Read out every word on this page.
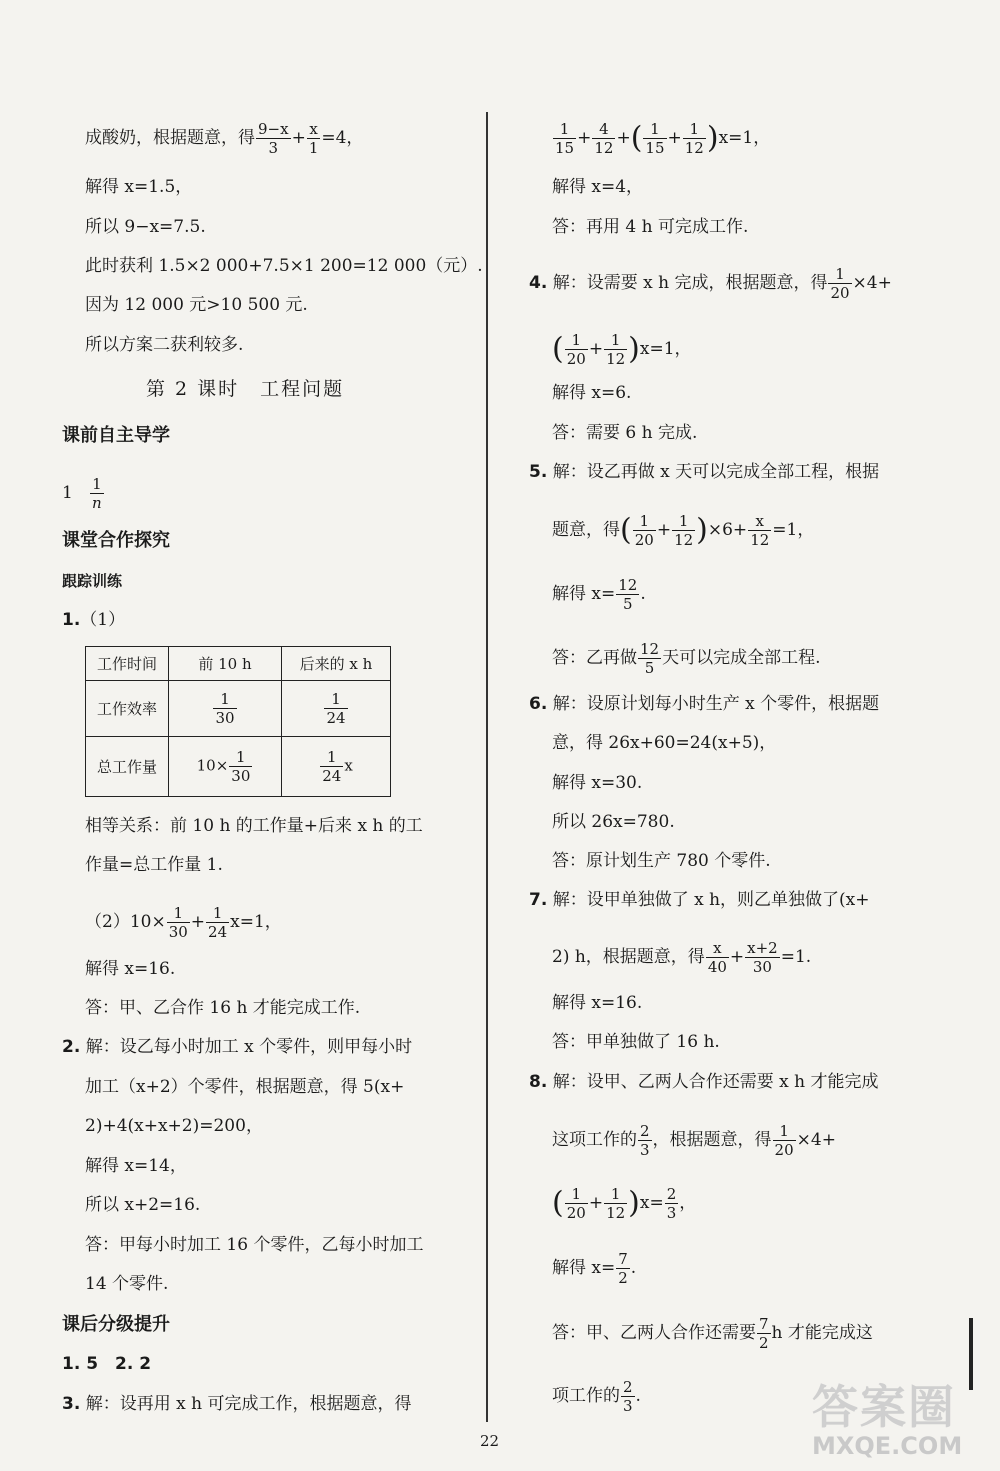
成酸奶，根据题意，得 $\frac{9-x}{3} + \frac{x}{1} =4$，
解得 x=1.5，
所以 9−x=7.5.
此时获利 1.5×2 000+7.5×1 200=12 000（元）.
因为 12 000 元>10 500 元.
所以方案二获利较多.
第 2 课时　工程问题
课前自主导学
$1 \frac{1}{n}$
课堂合作探究
跟踪训练
1.（1）
工作时间	前 10 h	后来的 x h
工作效率	$\frac{1}{30}$	$\frac{1}{24}$

总工作量	$10\times \frac{1}{30}$	$\frac{1}{24}$ x
相等关系：前 10 h 的工作量+后来 x h 的工
作量=总工作量 1.
$(2)10\times \frac{1}{30} + \frac{1}{24} x=1$，
解得 x=16.
答：甲、乙合作 16 h 才能完成工作.
2. 解：设乙每小时加工 x 个零件，则甲每小时
加工（x+2）个零件，根据题意，得 5(x+
2)+4(x+x+2)=200，
解得 x=14，
所以 x+2=16.
答：甲每小时加工 16 个零件，乙每小时加工
14 个零件.
课后分级提升
1. 5　2. 2
3. 解：设再用 x h 可完成工作，根据题意，得
$\frac{1}{15} + \frac{4}{12}$ +( $\frac{1}{15} + \frac{1}{12} )x=1$，
解得 x=4，
答：再用 4 h 可完成工作.
4. 解：设需要 x h 完成，根据题意，得 $\frac{1}{20} \times 4+$
( $\frac{1}{20} + \frac{1}{12} )x=1$，
解得 x=6.
答：需要 6 h 完成.
5. 解：设乙再做 x 天可以完成全部工程，根据
题意，得( $\frac{1}{20} + \frac{1}{12} )\times 6+ \frac{x}{12} =1$，
解得 $x= \frac{12}{5}$ .
答：乙再做 $\frac{12}{5}$ 天可以完成全部工程.
6. 解：设原计划每小时生产 x 个零件，根据题
意，得 26x+60=24(x+5)，
解得 x=30.
所以 26x=780.
答：原计划生产 780 个零件.
7. 解：设甲单独做了 x h，则乙单独做了(x+
2) h，根据题意，得 $\frac{x}{40} + \frac{x+2}{30} =1$.
解得 x=16.
答：甲单独做了 16 h.
8. 解：设甲、乙两人合作还需要 x h 才能完成
这项工作的 $\frac{2}{3}$ ，根据题意，得 $\frac{1}{20} \times 4+$
( $\frac{1}{20} + \frac{1}{12} )x= \frac{2}{3}$ ，
解得 $x= \frac{7}{2}$ .
答：甲、乙两人合作还需要 $\frac{7}{2}$ h 才能完成这
项工作的 $\frac{2}{3}$ .
22
答案圈
MXQE.COM
